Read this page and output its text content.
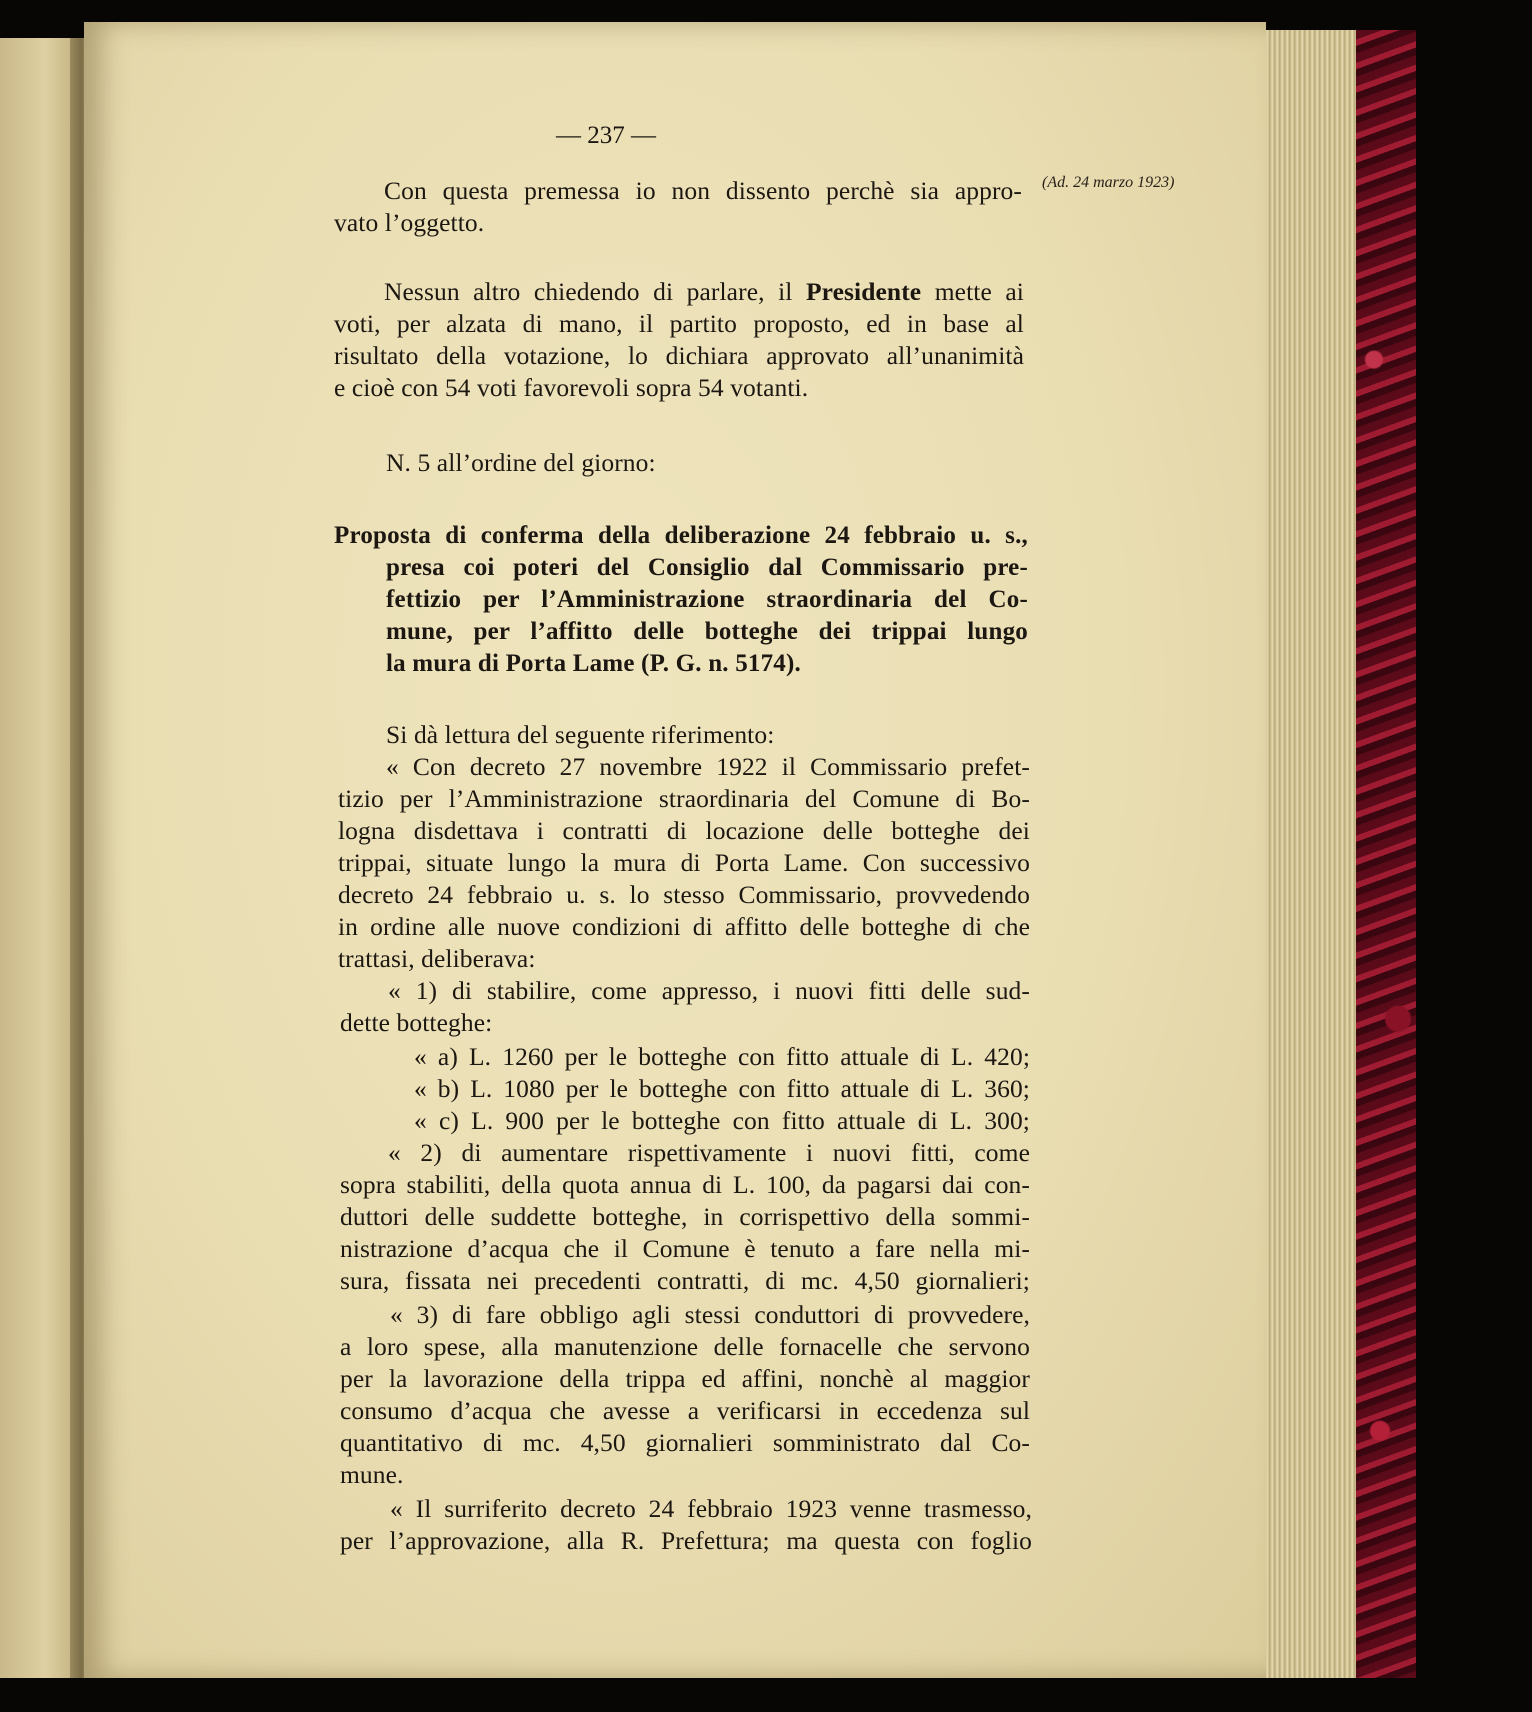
— 237 —
(Ad. 24 marzo 1923)
Con questa premessa io non dissento perchè sia appro-
vato l’oggetto.
Nessun altro chiedendo di parlare, il Presidente mette ai
voti, per alzata di mano, il partito proposto, ed in base al
risultato della votazione, lo dichiara approvato all’unanimità
e cioè con 54 voti favorevoli sopra 54 votanti.
N. 5 all’ordine del giorno:
Proposta di conferma della deliberazione 24 febbraio u. s.,
presa coi poteri del Consiglio dal Commissario pre-
fettizio per l’Amministrazione straordinaria del Co-
mune, per l’affitto delle botteghe dei trippai lungo
la mura di Porta Lame (P. G. n. 5174).
Si dà lettura del seguente riferimento:
« Con decreto 27 novembre 1922 il Commissario prefet-
tizio per l’Amministrazione straordinaria del Comune di Bo-
logna disdettava i contratti di locazione delle botteghe dei
trippai, situate lungo la mura di Porta Lame. Con successivo
decreto 24 febbraio u. s. lo stesso Commissario, provvedendo
in ordine alle nuove condizioni di affitto delle botteghe di che
trattasi, deliberava:
« 1) di stabilire, come appresso, i nuovi fitti delle sud-
dette botteghe:
« a) L. 1260 per le botteghe con fitto attuale di L. 420;
« b) L. 1080 per le botteghe con fitto attuale di L. 360;
« c) L. 900 per le botteghe con fitto attuale di L. 300;
« 2) di aumentare rispettivamente i nuovi fitti, come
sopra stabiliti, della quota annua di L. 100, da pagarsi dai con-
duttori delle suddette botteghe, in corrispettivo della sommi-
nistrazione d’acqua che il Comune è tenuto a fare nella mi-
sura, fissata nei precedenti contratti, di mc. 4,50 giornalieri;
« 3) di fare obbligo agli stessi conduttori di provvedere,
a loro spese, alla manutenzione delle fornacelle che servono
per la lavorazione della trippa ed affini, nonchè al maggior
consumo d’acqua che avesse a verificarsi in eccedenza sul
quantitativo di mc. 4,50 giornalieri somministrato dal Co-
mune.
« Il surriferito decreto 24 febbraio 1923 venne trasmesso,
per l’approvazione, alla R. Prefettura; ma questa con foglio
